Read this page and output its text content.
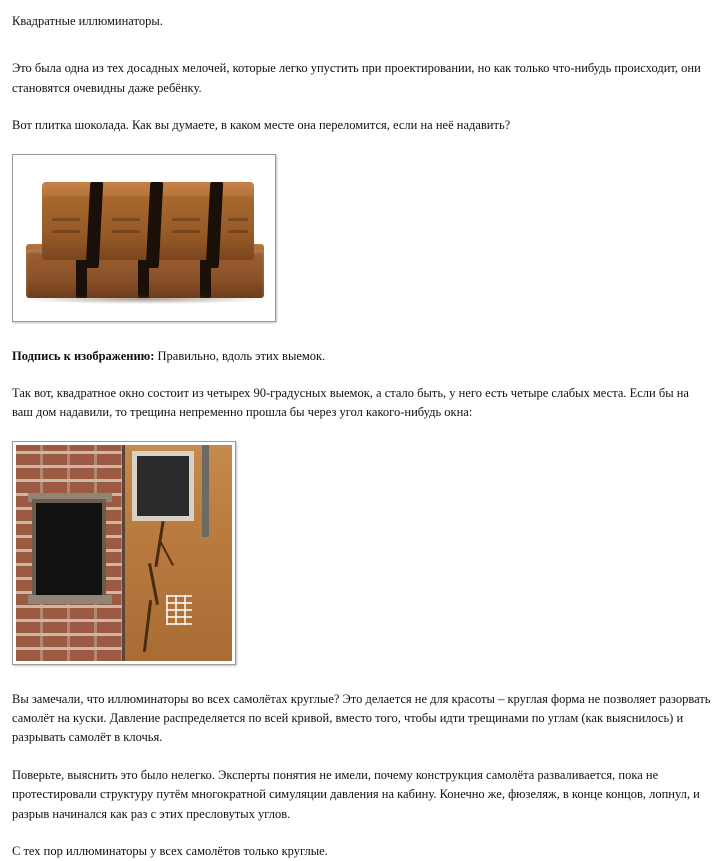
Квадратные иллюминаторы.

Это была одна из тех досадных мелочей, которые легко упустить при проектировании, но как только что-нибудь происходит, они становятся очевидны даже ребёнку.

Вот плитка шоколада. Как вы думаете, в каком месте она переломится, если на неё надавить?

Подпись к изображению: Правильно, вдоль этих выемок.

Так вот, квадратное окно состоит из четырех 90-градусных выемок, а стало быть, у него есть четыре слабых места. Если бы на ваш дом надавили, то трещина непременно прошла бы через угол какого-нибудь окна:

Вы замечали, что иллюминаторы во всех самолётах круглые? Это делается не для красоты – круглая форма не позволяет разорвать самолёт на куски. Давление распределяется по всей кривой, вместо того, чтобы идти трещинами по углам (как выяснилось) и разрывать самолёт в клочья.

Поверьте, выяснить это было нелегко. Эксперты понятия не имели, почему конструкция самолёта разваливается, пока не протестировали структуру путём многократной симуляции давления на кабину. Конечно же, фюзеляж, в конце концов, лопнул, и разрыв начинался как раз с этих пресловутых углов.

С тех пор иллюминаторы у всех самолётов только круглые.
